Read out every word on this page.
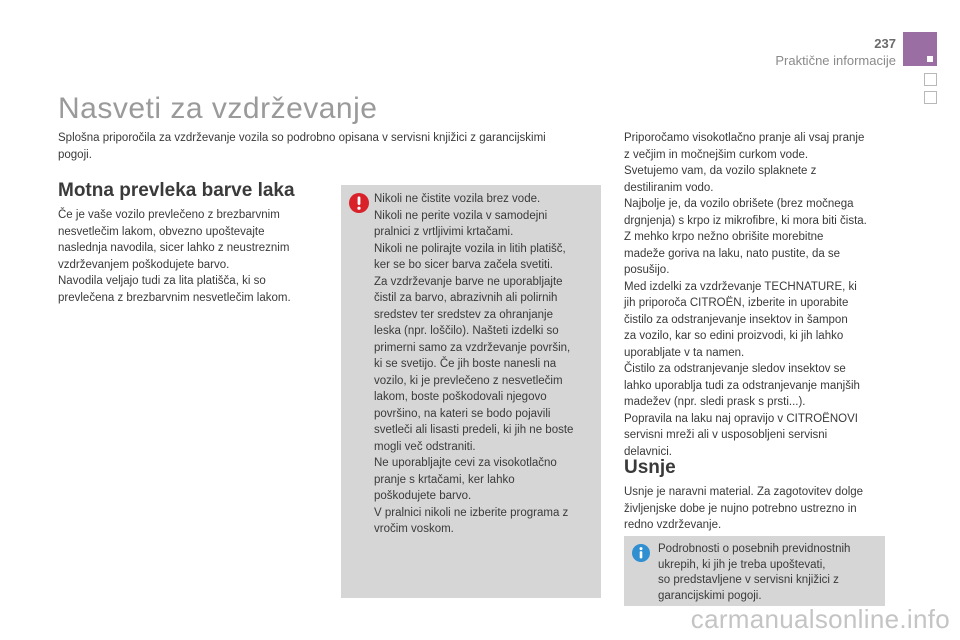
237
Praktične informacije
Nasveti za vzdrževanje
Splošna priporočila za vzdrževanje vozila so podrobno opisana v servisni knjižici z garancijskimi
pogoji.
Motna prevleka barve laka
Če je vaše vozilo prevlečeno z brezbarvnim
nesvetlečim lakom, obvezno upoštevajte
naslednja navodila, sicer lahko z neustreznim
vzdrževanjem poškodujete barvo.
Navodila veljajo tudi za lita platišča, ki so
prevlečena z brezbarvnim nesvetlečim lakom.
Nikoli ne čistite vozila brez vode.
Nikoli ne perite vozila v samodejni
pralnici z vrtljivimi krtačami.
Nikoli ne polirajte vozila in litih platišč,
ker se bo sicer barva začela svetiti.
Za vzdrževanje barve ne uporabljajte
čistil za barvo, abrazivnih ali polirnih
sredstev ter sredstev za ohranjanje
leska (npr. loščilo). Našteti izdelki so
primerni samo za vzdrževanje površin,
ki se svetijo. Če jih boste nanesli na
vozilo, ki je prevlečeno z nesvetlečim
lakom, boste poškodovali njegovo
površino, na kateri se bodo pojavili
svetleči ali lisasti predeli, ki jih ne boste
mogli več odstraniti.
Ne uporabljajte cevi za visokotlačno
pranje s krtačami, ker lahko
poškodujete barvo.
V pralnici nikoli ne izberite programa z
vročim voskom.
Priporočamo visokotlačno pranje ali vsaj pranje
z večjim in močnejšim curkom vode.
Svetujemo vam, da vozilo splaknete z
destiliranim vodo.
Najbolje je, da vozilo obrišete (brez močnega
drgnjenja) s krpo iz mikrofibre, ki mora biti čista.
Z mehko krpo nežno obrišite morebitne
madeže goriva na laku, nato pustite, da se
posušijo.
Med izdelki za vzdrževanje TECHNATURE, ki
jih priporoča CITROËN, izberite in uporabite
čistilo za odstranjevanje insektov in šampon
za vozilo, kar so edini proizvodi, ki jih lahko
uporabljate v ta namen.
Čistilo za odstranjevanje sledov insektov se
lahko uporablja tudi za odstranjevanje manjših
madežev (npr. sledi prask s prsti...).
Popravila na laku naj opravijo v CITROËNOVI
servisni mreži ali v usposobljeni servisni
delavnici.
Usnje
Usnje je naravni material. Za zagotovitev dolge
življenjske dobe je nujno potrebno ustrezno in
redno vzdrževanje.
Podrobnosti o posebnih previdnostnih
ukrepih, ki jih je treba upoštevati,
so predstavljene v servisni knjižici z
garancijskimi pogoji.
carmanualsonline.info
